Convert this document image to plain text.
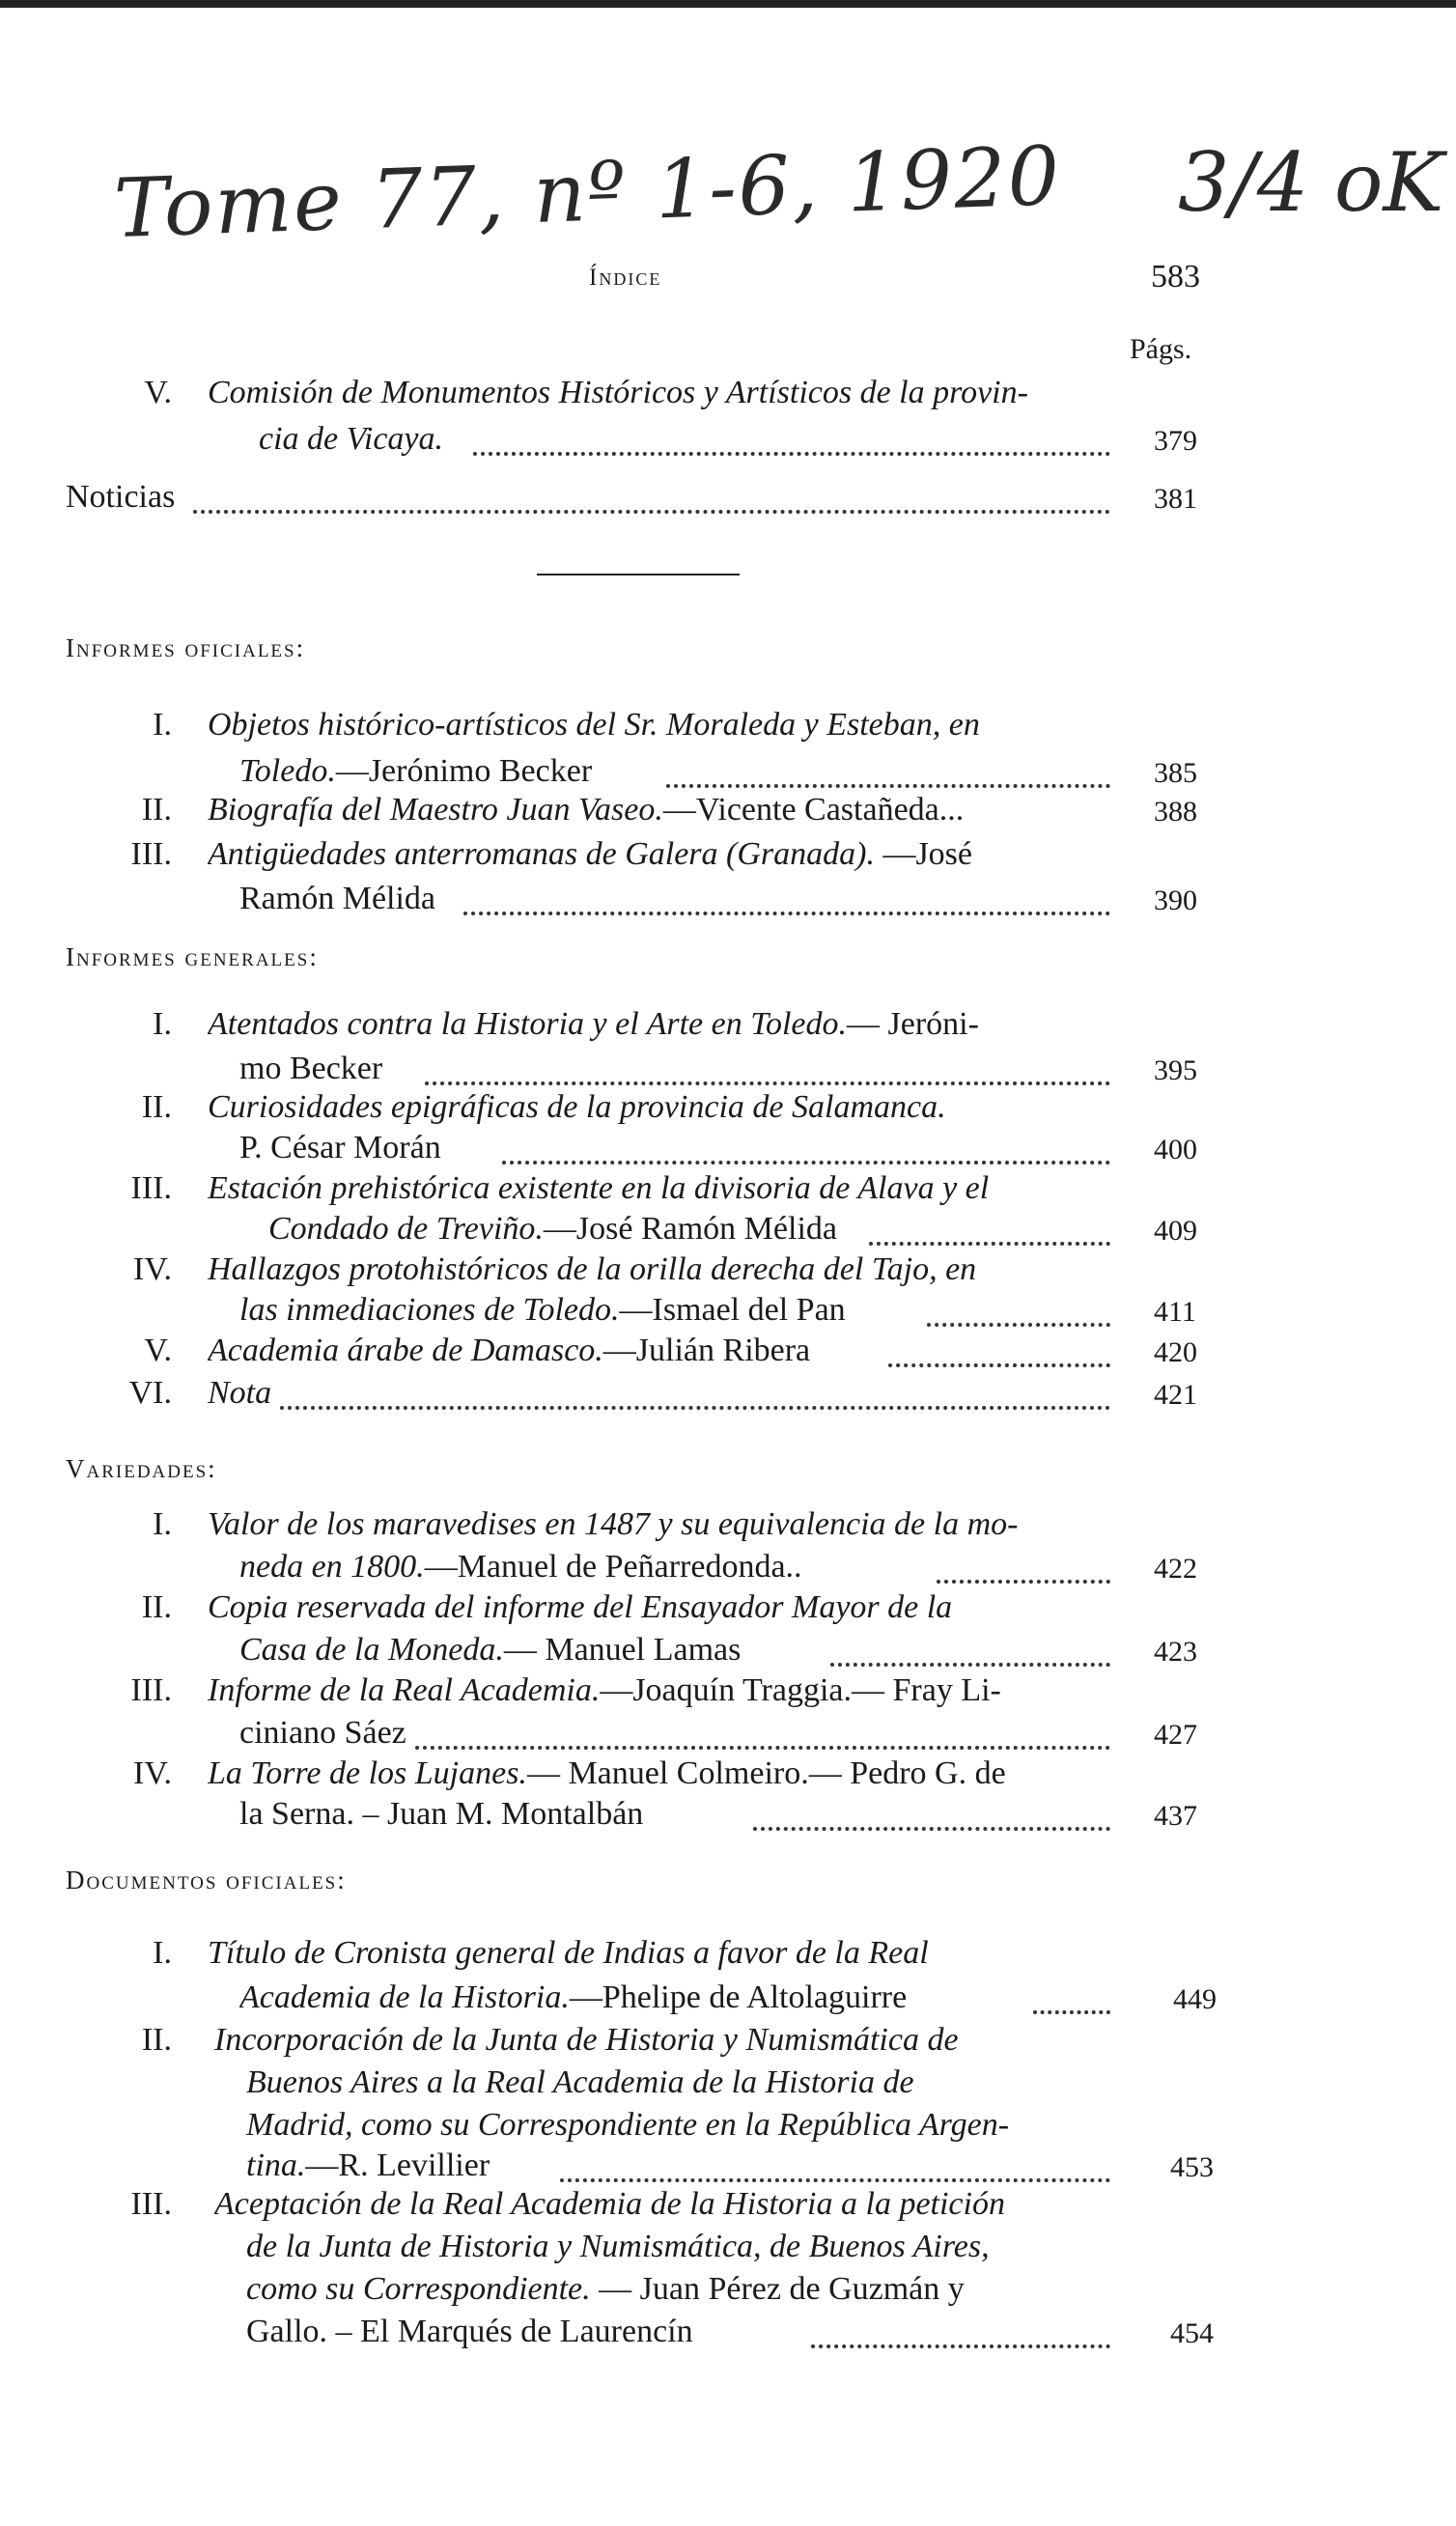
Tome 77, nº 1-6, 1920 3/4 oK
Índice	583
Págs.
V. Comisión de Monumentos Históricos y Artísticos de la provin-
cia de Vicaya.	379
Noticias	381
Informes oficiales:
I. Objetos histórico-artísticos del Sr. Moraleda y Esteban, en
Toledo.—Jerónimo Becker	385
II. Biografía del Maestro Juan Vaseo.—Vicente Castañeda...	388
III. Antigüedades anterromanas de Galera (Granada). —José
Ramón Mélida	390
Informes generales:
I. Atentados contra la Historia y el Arte en Toledo.— Jeróni-
mo Becker	395
II. Curiosidades epigráficas de la provincia de Salamanca.
P. César Morán	400
III. Estación prehistórica existente en la divisoria de Alava y el
Condado de Treviño.—José Ramón Mélida	409
IV. Hallazgos protohistóricos de la orilla derecha del Tajo, en
las inmediaciones de Toledo.—Ismael del Pan	411
V. Academia árabe de Damasco.—Julián Ribera	420
VI. Nota	421
Variedades:
I. Valor de los maravedises en 1487 y su equivalencia de la mo-
neda en 1800.—Manuel de Peñarredonda..	422
II. Copia reservada del informe del Ensayador Mayor de la
Casa de la Moneda.— Manuel Lamas	423
III. Informe de la Real Academia.—Joaquín Traggia.— Fray Li-
ciniano Sáez	427
IV. La Torre de los Lujanes.— Manuel Colmeiro.— Pedro G. de
la Serna. – Juan M. Montalbán	437
Documentos oficiales:
I. Título de Cronista general de Indias a favor de la Real
Academia de la Historia.—Phelipe de Altolaguirre	449
II. Incorporación de la Junta de Historia y Numismática de
Buenos Aires a la Real Academia de la Historia de
Madrid, como su Correspondiente en la República Argen-
tina.—R. Levillier	453
III. Aceptación de la Real Academia de la Historia a la petición
de la Junta de Historia y Numismática, de Buenos Aires,
como su Correspondiente. — Juan Pérez de Guzmán y
Gallo. – El Marqués de Laurencín	454
